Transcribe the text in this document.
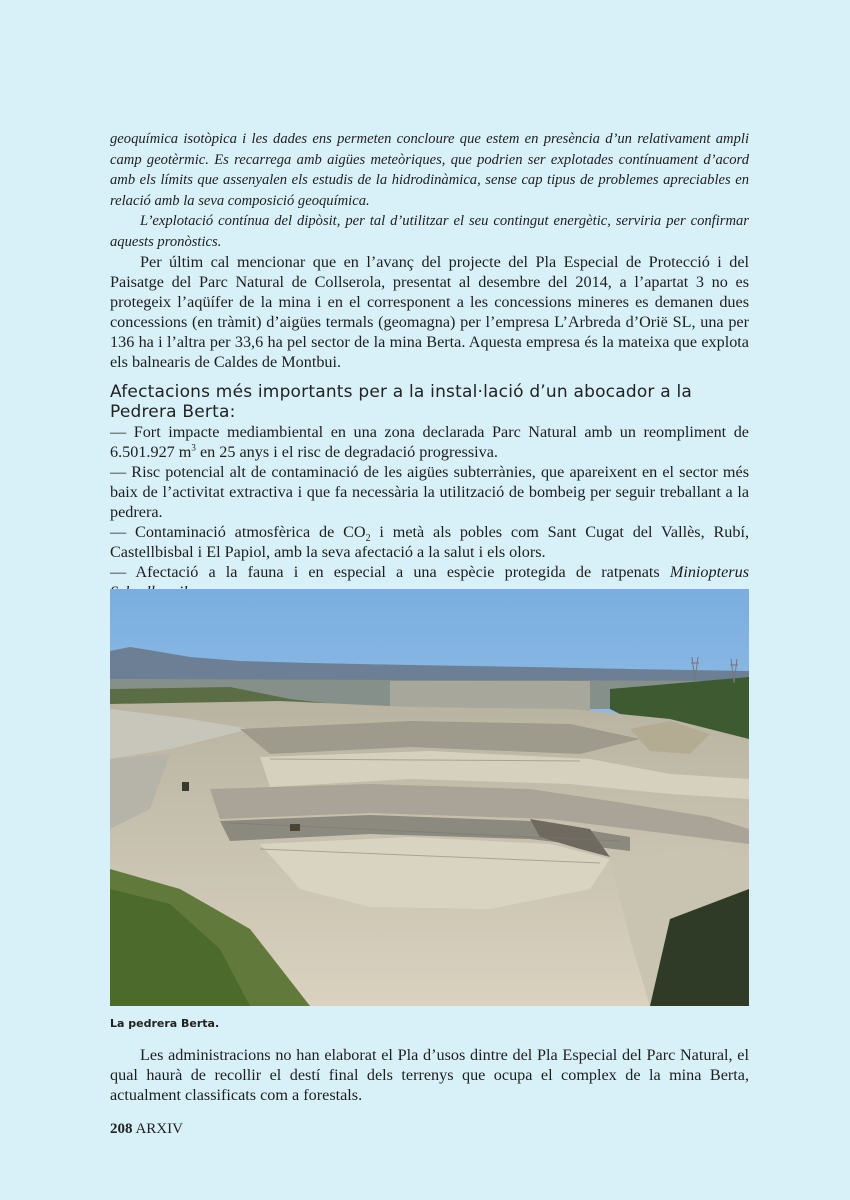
geoquímica isotòpica i les dades ens permeten concloure que estem en presència d’un relativament ampli camp geotèrmic. Es recarrega amb aigües meteòriques, que podrien ser explotades contínuament d’acord amb els límits que assenyalen els estudis de la hidrodinàmica, sense cap tipus de problemes apreciables en relació amb la seva composició geoquímica.

L’explotació contínua del dipòsit, per tal d’utilitzar el seu contingut energètic, serviria per confirmar aquests pronòstics.

Per últim cal mencionar que en l’avanç del projecte del Pla Especial de Protecció i del Paisatge del Parc Natural de Collserola, presentat al desembre del 2014, a l’apartat 3 no es protegeix l’aqüífer de la mina i en el corresponent a les concessions mineres es demanen dues concessions (en tràmit) d’aigües termals (geomagna) per l’empresa L’Arbreda d’Orië SL, una per 136 ha i l’altra per 33,6 ha pel sector de la mina Berta. Aquesta empresa és la mateixa que explota els balnearis de Caldes de Montbui.

Afectacions més importants per a la instal·lació d’un abocador a la Pedrera Berta:

— Fort impacte mediambiental en una zona declarada Parc Natural amb un reompliment de 6.501.927 $m^3$ en 25 anys i el risc de degradació progressiva.

— Risc potencial alt de contaminació de les aigües subterrànies, que apareixent en el sector més baix de l’activitat extractiva i que fa necessària la utilització de bombeig per seguir treballant a la pedrera.

— Contaminació atmosfèrica de $CO_2$ i metà als pobles com Sant Cugat del Vallès, Rubí, Castellbisbal i El Papiol, amb la seva afectació a la salut i els olors.

— Afectació a la fauna i en especial a una espècie protegida de ratpenats Miniopterus

La pedrera Berta.

Les administracions no han elaborat el Pla d’usos dintre del Pla Especial del Parc Natural, el qual haurà de recollir el destí final dels terrenys que ocupa el complex de la mina Berta, actualment classificats com a forestals.

208 ARXIV
